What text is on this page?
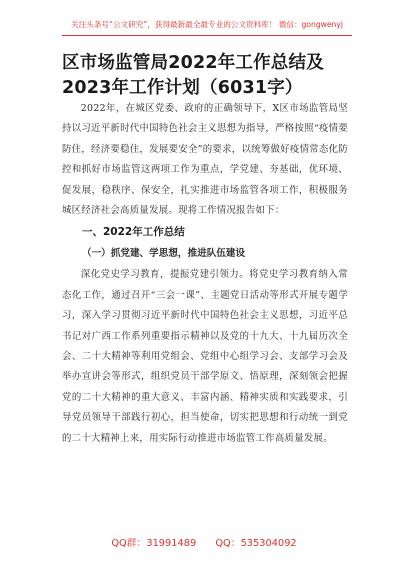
关注头条号“公文研究”，获得最新最全最专业的公文资料库！ 微信：gongwenyj
区市场监管局2022年工作总结及2023年工作计划（6031字）

2022年，在城区党委、政府的正确领导下，X区市场监管局坚持以习近平新时代中国特色社会主义思想为指导，严格按照“疫情要防住，经济要稳住，发展要安全”的要求，以统筹做好疫情常态化防控和抓好市场监管这两项工作为重点，学党建、夯基础，优环境、促发展，稳秩序、保安全，扎实推进市场监管各项工作，积极服务城区经济社会高质量发展。现将工作情况报告如下：

一、2022年工作总结

（一）抓党建、学思想，推进队伍建设

深化党史学习教育，提振党建引领力。将党史学习教育纳入常态化工作，通过召开“三会一课”、主题党日活动等形式开展专题学习，深入学习贯彻习近平新时代中国特色社会主义思想，习近平总书记对广西工作系列重要指示精神以及党的十九大、十九届历次全会、二十大精神等利用党组会、党组中心组学习会、支部学习会及举办宣讲会等形式，组织党员干部学原文、悟原理，深刻领会把握党的二十大精神的重大意义、丰富内涵、精神实质和实践要求，引导党员领导干部践行初心，担当使命，切实把思想和行动统一到党的二十大精神上来，用实际行动推进市场监管工作高质量发展。

QQ群：31991489 QQ：535304092
